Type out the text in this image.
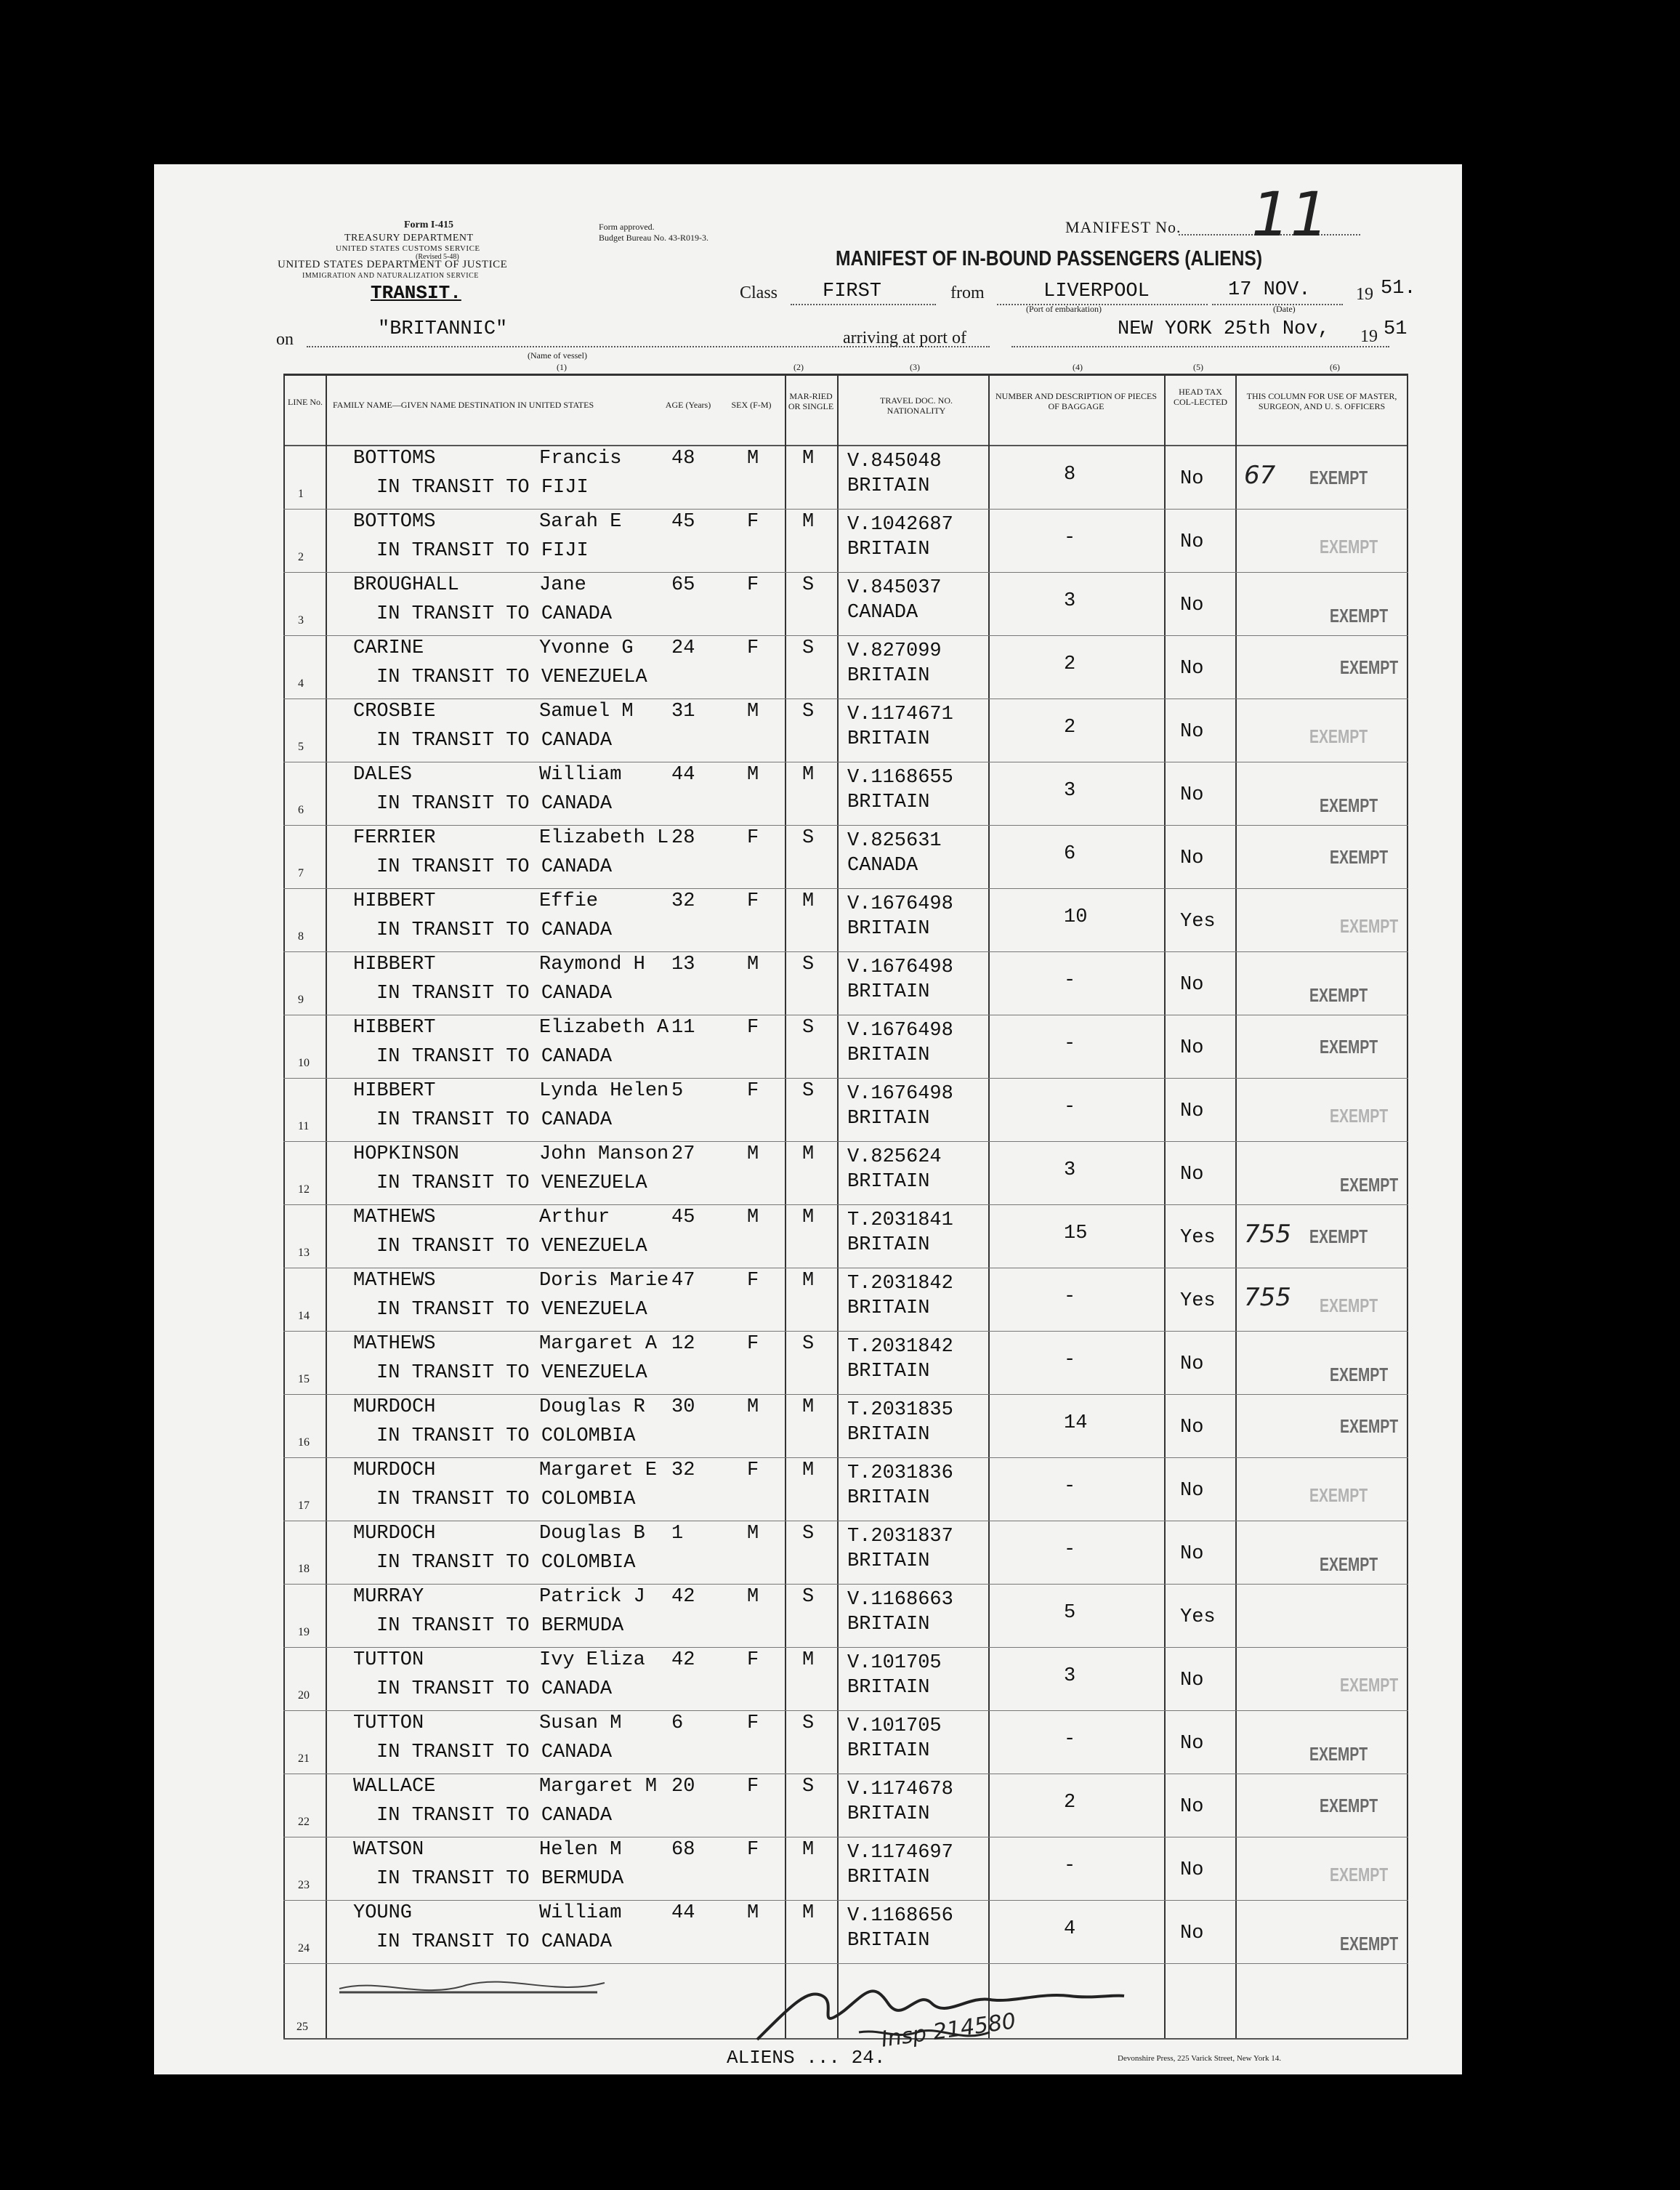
Form I-415
TREASURY DEPARTMENT
UNITED STATES CUSTOMS SERVICE
(Revised 5-48)
Form approved.
Budget Bureau No. 43-R019-3.
UNITED STATES DEPARTMENT OF JUSTICE
IMMIGRATION AND NATURALIZATION SERVICE
TRANSIT.
MANIFEST No. 11
MANIFEST OF IN-BOUND PASSENGERS (ALIENS)
Class FIRST	from	LIVERPOOL
(Port of embarkation)
17 NOV.	19 51.
(Date)
on	"BRITANNIC"
(Name of vessel)
(1)
arriving at port of	NEW YORK 25th Nov, 19 51
(2)	(3)	(4)	(5)	(6)
LINE No. FAMILY NAME—GIVEN NAME DESTINATION IN UNITED STATES	AGE (Years)	SEX (F-M)
MAR-RIED OR SINGLE
TRAVEL DOC. NO. NATIONALITY
NUMBER AND DESCRIPTION OF PIECES OF BAGGAGE
HEAD TAX COL-LECTED
THIS COLUMN FOR USE OF MASTER, SURGEON, AND U. S. OFFICERS
1
BOTTOMS	Francis
IN TRANSIT TO FIJI
48	M M V.845048
BRITAIN
8	No 67 EXEMPT
2
BOTTOMS	Sarah E
IN TRANSIT TO FIJI
45	F M V.1042687
BRITAIN
-	No	EXEMPT
3
BROUGHALL	Jane
IN TRANSIT TO CANADA
65	F S V.845037
CANADA
3	No	EXEMPT
4
CARINE	Yvonne G
IN TRANSIT TO VENEZUELA
24	F S V.827099
BRITAIN
2	No	EXEMPT
5
CROSBIE	Samuel M
IN TRANSIT TO CANADA
31	M S V.1174671
BRITAIN
2	No	EXEMPT
6
DALES	William
IN TRANSIT TO CANADA
44	M M V.1168655
BRITAIN
3	No	EXEMPT
7
FERRIER	Elizabeth L
IN TRANSIT TO CANADA
28	F S V.825631
CANADA
6	No	EXEMPT
8
HIBBERT	Effie
IN TRANSIT TO CANADA
32	F M V.1676498
BRITAIN
10	Yes	EXEMPT
9
HIBBERT	Raymond H
IN TRANSIT TO CANADA
13	M S V.1676498
BRITAIN
-	No	EXEMPT
10
HIBBERT	Elizabeth A
IN TRANSIT TO CANADA
11	F S V.1676498
BRITAIN
-	No	EXEMPT
11
HIBBERT	Lynda Helen
IN TRANSIT TO CANADA
5	F S V.1676498
BRITAIN
-	No	EXEMPT
12
HOPKINSON	John Manson
IN TRANSIT TO VENEZUELA
27	M M V.825624
BRITAIN
3	No	EXEMPT
13
MATHEWS	Arthur
IN TRANSIT TO VENEZUELA
45	M M T.2031841
BRITAIN
15	Yes 755 EXEMPT
14
MATHEWS	Doris Marie
IN TRANSIT TO VENEZUELA
47	F M T.2031842
BRITAIN
-	Yes 755 EXEMPT
15
MATHEWS	Margaret A
IN TRANSIT TO VENEZUELA
12	F S T.2031842
BRITAIN
-	No	EXEMPT
16
MURDOCH	Douglas R
IN TRANSIT TO COLOMBIA
30	M M T.2031835
BRITAIN
14	No	EXEMPT
17
MURDOCH	Margaret E
IN TRANSIT TO COLOMBIA
32	F M T.2031836
BRITAIN
-	No	EXEMPT
18
MURDOCH	Douglas B
IN TRANSIT TO COLOMBIA
1	M S T.2031837
BRITAIN
-	No	EXEMPT
19
MURRAY	Patrick J
IN TRANSIT TO BERMUDA
42	M S V.1168663
BRITAIN
5	Yes
20
TUTTON	Ivy Eliza
IN TRANSIT TO CANADA
42	F M V.101705
BRITAIN
3	No	EXEMPT
21
TUTTON	Susan M
IN TRANSIT TO CANADA
6	F S V.101705
BRITAIN
-	No	EXEMPT
22
WALLACE	Margaret M
IN TRANSIT TO CANADA
20	F S V.1174678
BRITAIN
2	No	EXEMPT
23
WATSON	Helen M
IN TRANSIT TO BERMUDA
68	F M V.1174697
BRITAIN
-	No	EXEMPT
24
YOUNG	William
IN TRANSIT TO CANADA
44	M M V.1168656
BRITAIN
4	No	EXEMPT
25	Insp 214580
ALIENS ... 24.	Devonshire Press, 225 Varick Street, New York 14.
